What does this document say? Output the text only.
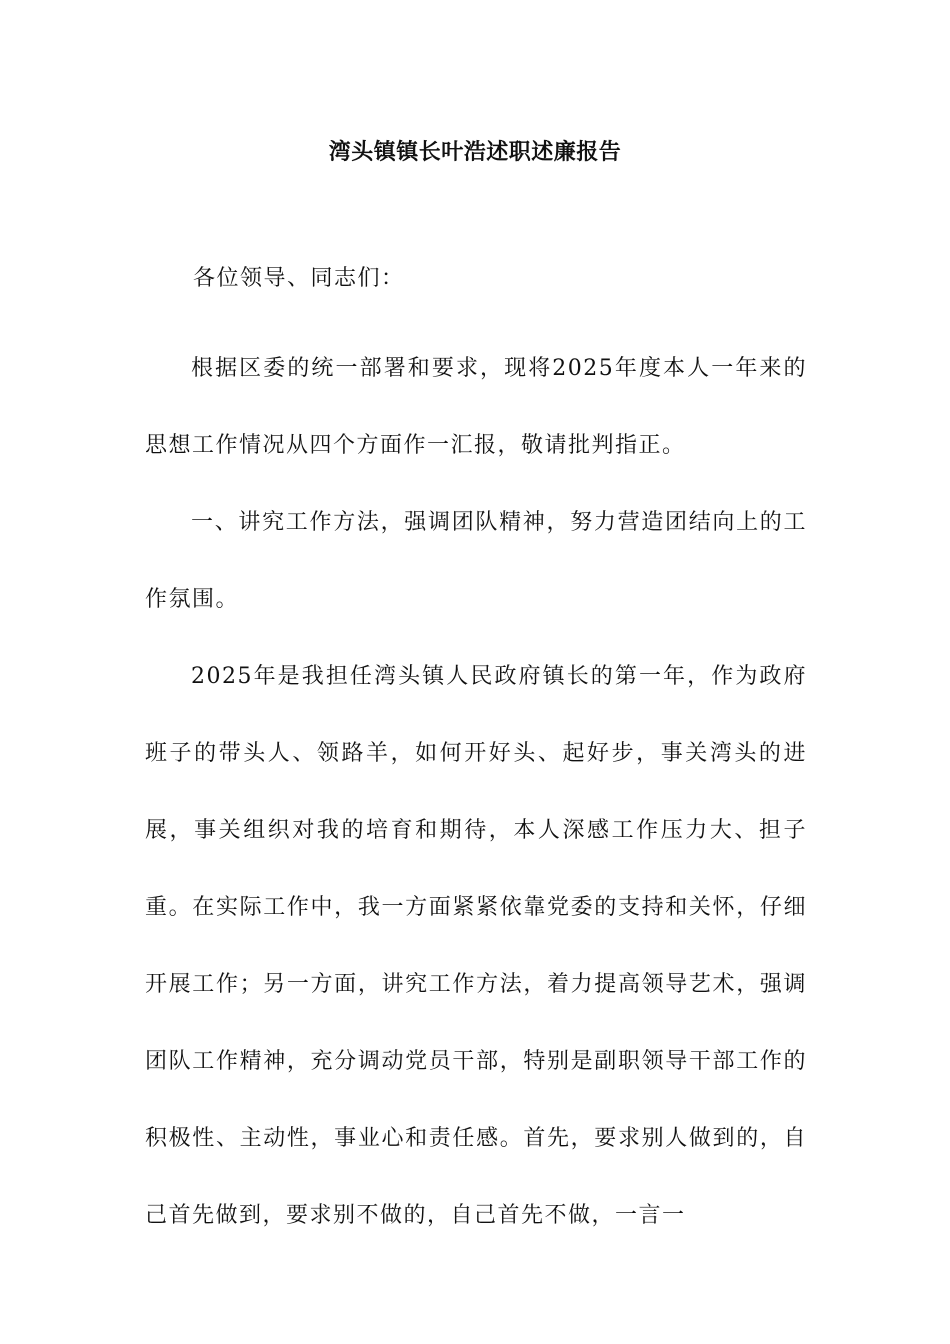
湾头镇镇长叶浩述职述廉报告

各位领导、同志们：

根据区委的统一部署和要求，现将2025年度本人一年来的思想工作情况从四个方面作一汇报，敬请批判指正。

一、讲究工作方法，强调团队精神，努力营造团结向上的工作氛围。

2025年是我担任湾头镇人民政府镇长的第一年，作为政府班子的带头人、领路羊，如何开好头、起好步，事关湾头的进展，事关组织对我的培育和期待，本人深感工作压力大、担子重。在实际工作中，我一方面紧紧依靠党委的支持和关怀，仔细开展工作；另一方面，讲究工作方法，着力提高领导艺术，强调团队工作精神，充分调动党员干部，特别是副职领导干部工作的积极性、主动性，事业心和责任感。首先，要求别人做到的，自己首先做到，要求别不做的，自己首先不做，一言一
